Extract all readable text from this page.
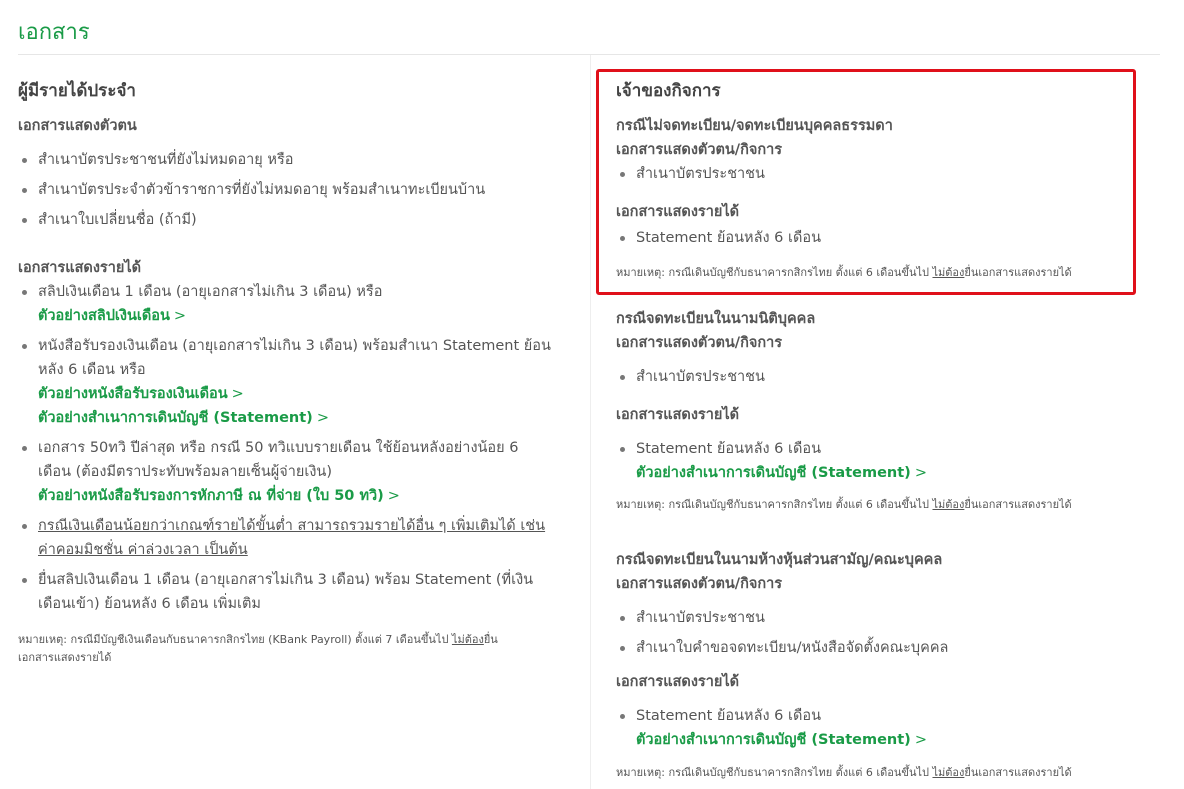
เอกสาร
ผู้มีรายได้ประจำ
เอกสารแสดงตัวตน
สำเนาบัตรประชาชนที่ยังไม่หมดอายุ หรือ
สำเนาบัตรประจำตัวข้าราชการที่ยังไม่หมดอายุ พร้อมสำเนาทะเบียนบ้าน
สำเนาใบเปลี่ยนชื่อ (ถ้ามี)
เอกสารแสดงรายได้
สลิปเงินเดือน 1 เดือน (อายุเอกสารไม่เกิน 3 เดือน) หรือ
ตัวอย่างสลิปเงินเดือน >
หนังสือรับรองเงินเดือน (อายุเอกสารไม่เกิน 3 เดือน) พร้อมสำเนา Statement ย้อน
หลัง 6 เดือน หรือ
ตัวอย่างหนังสือรับรองเงินเดือน >
ตัวอย่างสำเนาการเดินบัญชี (Statement) >
เอกสาร 50ทวิ ปีล่าสุด หรือ กรณี 50 ทวิแบบรายเดือน ใช้ย้อนหลังอย่างน้อย 6
เดือน (ต้องมีตราประทับพร้อมลายเซ็นผู้จ่ายเงิน)
ตัวอย่างหนังสือรับรองการหักภาษี ณ ที่จ่าย (ใบ 50 ทวิ) >
กรณีเงินเดือนน้อยกว่าเกณฑ์รายได้ขั้นต่ำ สามารถรวมรายได้อื่น ๆ เพิ่มเติมได้ เช่น
ค่าคอมมิชชั่น ค่าล่วงเวลา เป็นต้น
ยื่นสลิปเงินเดือน 1 เดือน (อายุเอกสารไม่เกิน 3 เดือน) พร้อม Statement (ที่เงิน
เดือนเข้า) ย้อนหลัง 6 เดือน เพิ่มเติม
หมายเหตุ: กรณีมีบัญชีเงินเดือนกับธนาคารกสิกรไทย (KBank Payroll) ตั้งแต่ 7 เดือนขึ้นไป ไม่ต้องยื่น
เอกสารแสดงรายได้
เจ้าของกิจการ
กรณีไม่จดทะเบียน/จดทะเบียนบุคคลธรรมดา
เอกสารแสดงตัวตน/กิจการ
สำเนาบัตรประชาชน
เอกสารแสดงรายได้
Statement ย้อนหลัง 6 เดือน
หมายเหตุ: กรณีเดินบัญชีกับธนาคารกสิกรไทย ตั้งแต่ 6 เดือนขึ้นไป ไม่ต้องยื่นเอกสารแสดงรายได้
กรณีจดทะเบียนในนามนิติบุคคล
เอกสารแสดงตัวตน/กิจการ
สำเนาบัตรประชาชน
เอกสารแสดงรายได้
Statement ย้อนหลัง 6 เดือน
ตัวอย่างสำเนาการเดินบัญชี (Statement) >
หมายเหตุ: กรณีเดินบัญชีกับธนาคารกสิกรไทย ตั้งแต่ 6 เดือนขึ้นไป ไม่ต้องยื่นเอกสารแสดงรายได้
กรณีจดทะเบียนในนามห้างหุ้นส่วนสามัญ/คณะบุคคล
เอกสารแสดงตัวตน/กิจการ
สำเนาบัตรประชาชน
สำเนาใบคำขอจดทะเบียน/หนังสือจัดตั้งคณะบุคคล
เอกสารแสดงรายได้
Statement ย้อนหลัง 6 เดือน
ตัวอย่างสำเนาการเดินบัญชี (Statement) >
หมายเหตุ: กรณีเดินบัญชีกับธนาคารกสิกรไทย ตั้งแต่ 6 เดือนขึ้นไป ไม่ต้องยื่นเอกสารแสดงรายได้
